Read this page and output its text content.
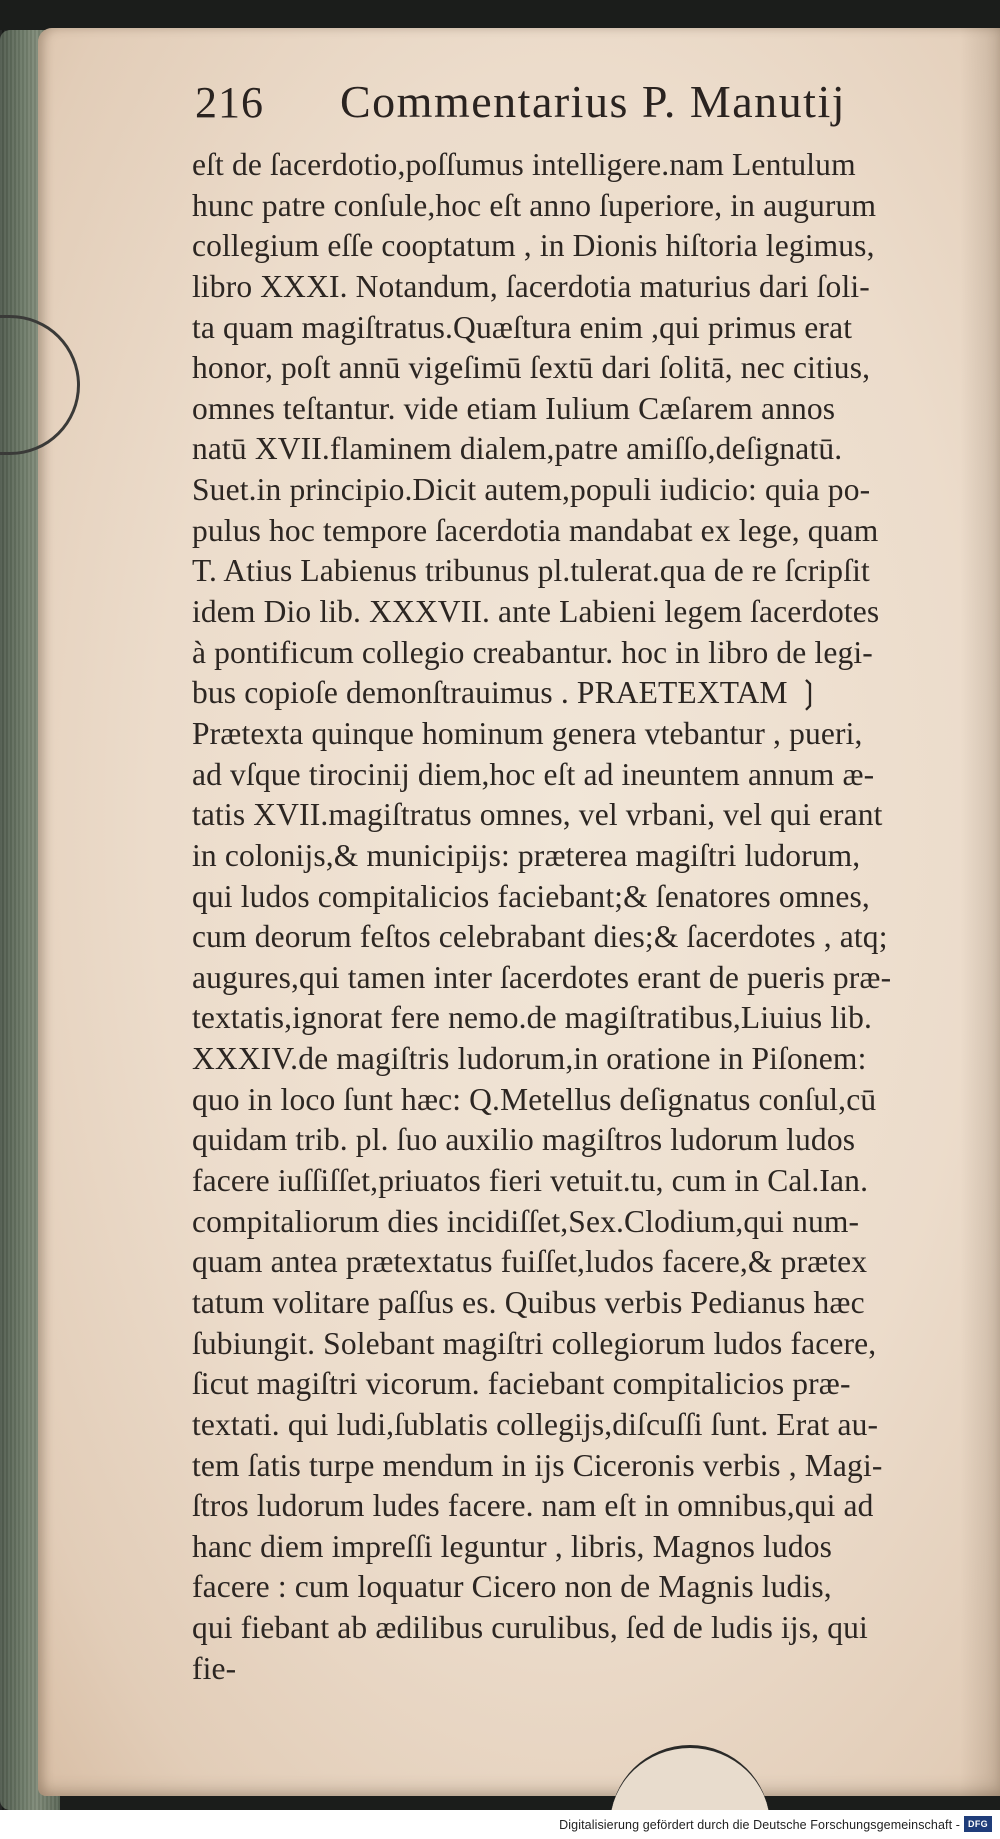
216 Commentarius P. Manutij
eſt de ſacerdotio,poſſumus intelligere.nam Lentulum
hunc patre conſule,hoc eſt anno ſuperiore, in augurum
collegium eſſe cooptatum , in Dionis hiſtoria legimus,
libro XXXI. Notandum, ſacerdotia maturius dari ſoli-
ta quam magiſtratus.Quæſtura enim ,qui primus erat
honor, poſt annū vigeſimū ſextū dari ſolitā, nec citius,
omnes teſtantur. vide etiam Iulium Cæſarem annos
natū XVII.flaminem dialem,patre amiſſo,deſignatū.
Suet.in principio.Dicit autem,populi iudicio: quia po-
pulus hoc tempore ſacerdotia mandabat ex lege, quam
T. Atius Labienus tribunus pl.tulerat.qua de re ſcripſit
idem Dio lib. XXXVII. ante Labieni legem ſacerdotes
à pontificum collegio creabantur. hoc in libro de legi-
bus copioſe demonſtrauimus . PRAETEXTAM ❳
Prætexta quinque hominum genera vtebantur , pueri,
ad vſque tirocinij diem,hoc eſt ad ineuntem annum æ-
tatis XVII.magiſtratus omnes, vel vrbani, vel qui erant
in colonijs,& municipijs: præterea magiſtri ludorum,
qui ludos compitalicios faciebant;& ſenatores omnes,
cum deorum feſtos celebrabant dies;& ſacerdotes , atq;
augures,qui tamen inter ſacerdotes erant de pueris præ-
textatis,ignorat fere nemo.de magiſtratibus,Liuius lib.
XXXIV.de magiſtris ludorum,in oratione in Piſonem:
quo in loco ſunt hæc: Q.Metellus deſignatus conſul,cū
quidam trib. pl. ſuo auxilio magiſtros ludorum ludos
facere iuſſiſſet,priuatos fieri vetuit.tu, cum in Cal.Ian.
compitaliorum dies incidiſſet,Sex.Clodium,qui num-
quam antea prætextatus fuiſſet,ludos facere,& prætex
tatum volitare paſſus es. Quibus verbis Pedianus hæc
ſubiungit. Solebant magiſtri collegiorum ludos facere,
ſicut magiſtri vicorum. faciebant compitalicios præ-
textati. qui ludi,ſublatis collegijs,diſcuſſi ſunt. Erat au-
tem ſatis turpe mendum in ijs Ciceronis verbis , Magi-
ſtros ludorum ludes facere. nam eſt in omnibus,qui ad
hanc diem impreſſi leguntur , libris, Magnos ludos
facere : cum loquatur Cicero non de Magnis ludis,
qui fiebant ab ædilibus curulibus, ſed de ludis ijs, qui
fie-
Digitalisierung gefördert durch die Deutsche Forschungsgemeinschaft - DFG
